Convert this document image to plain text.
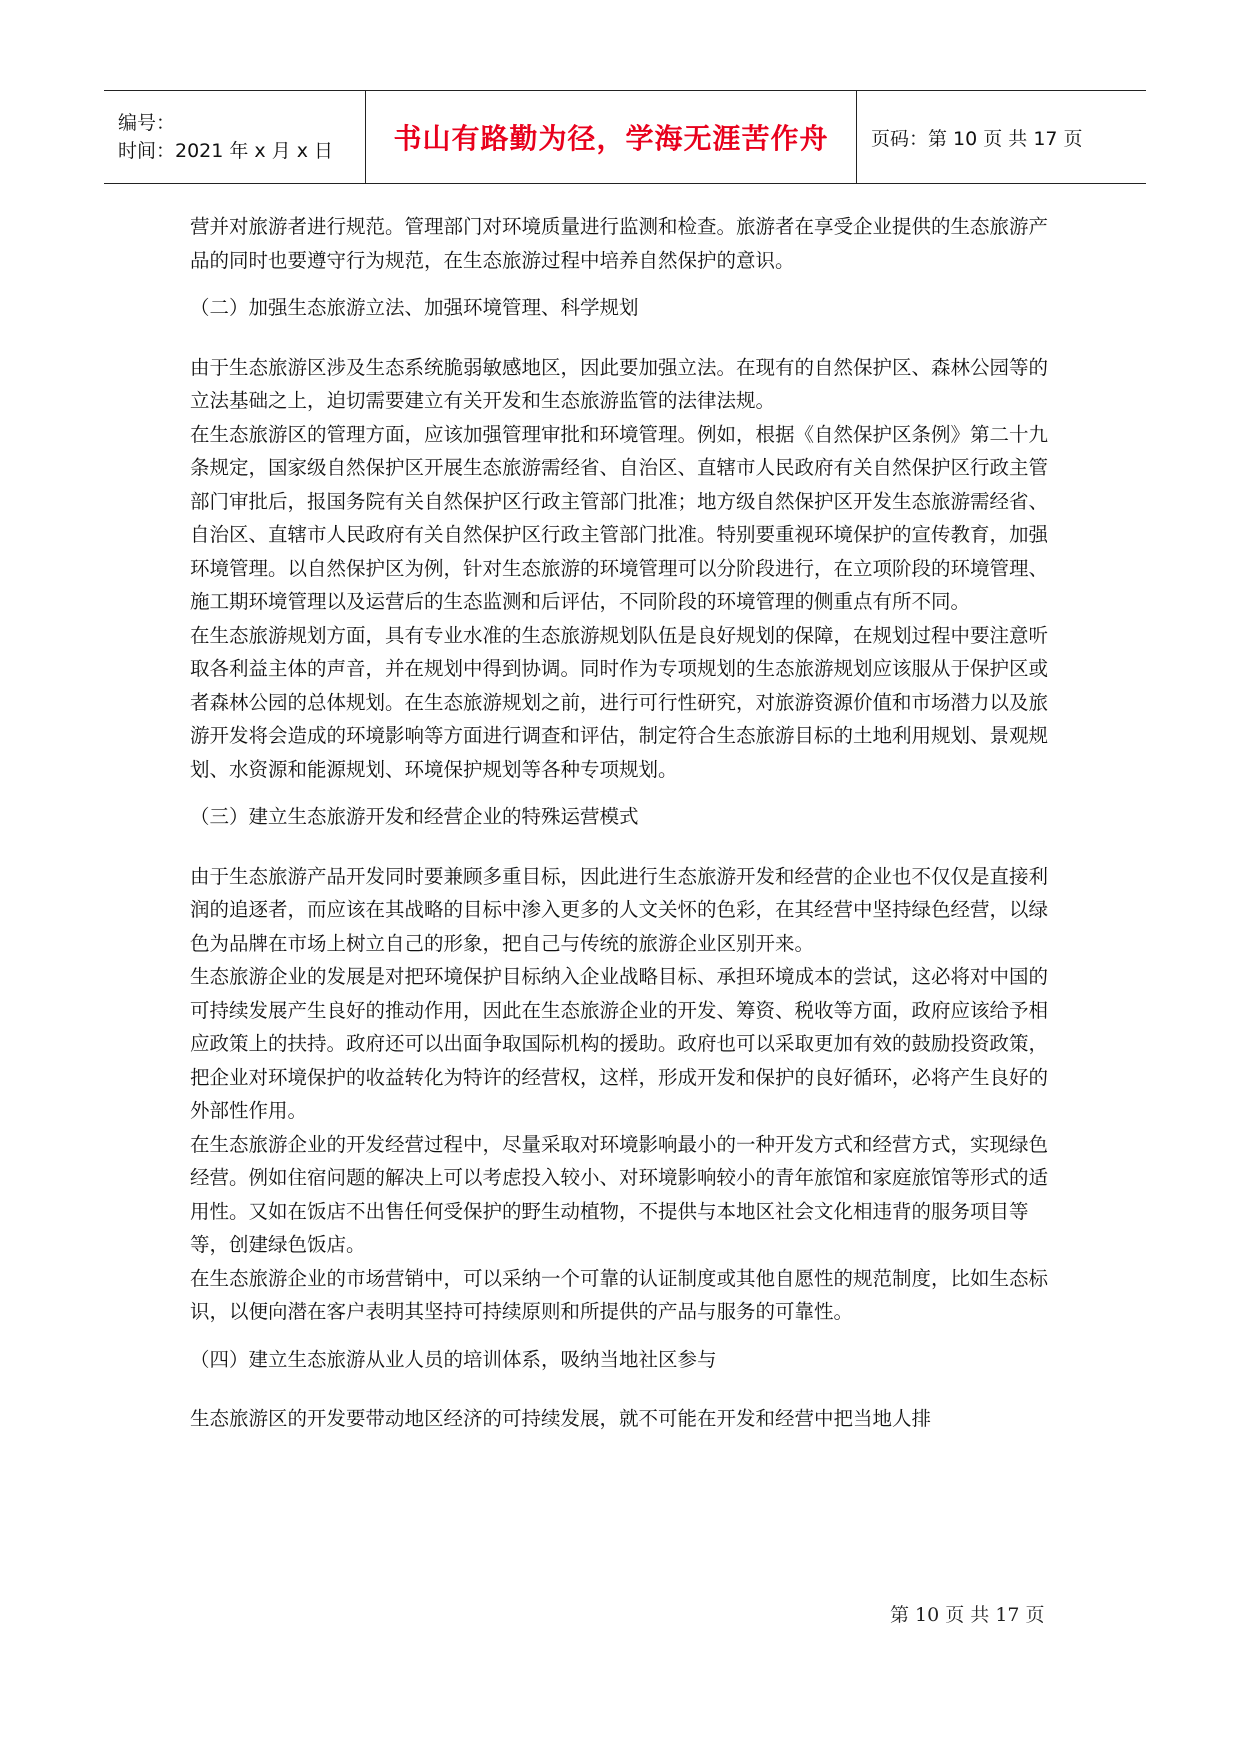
编号：
时间：2021 年 x 月 x 日	书山有路勤为径，学海无涯苦作舟 页码：第 10 页 共 17 页

营并对旅游者进行规范。管理部门对环境质量进行监测和检查。旅游者在享受企业提供的生态旅游产品的同时也要遵守行为规范，在生态旅游过程中培养自然保护的意识。

（二）加强生态旅游立法、加强环境管理、科学规划

由于生态旅游区涉及生态系统脆弱敏感地区，因此要加强立法。在现有的自然保护区、森林公园等的立法基础之上，迫切需要建立有关开发和生态旅游监管的法律法规。

在生态旅游区的管理方面，应该加强管理审批和环境管理。例如，根据《自然保护区条例》第二十九条规定，国家级自然保护区开展生态旅游需经省、自治区、直辖市人民政府有关自然保护区行政主管部门审批后，报国务院有关自然保护区行政主管部门批准；地方级自然保护区开发生态旅游需经省、自治区、直辖市人民政府有关自然保护区行政主管部门批准。特别要重视环境保护的宣传教育，加强环境管理。以自然保护区为例，针对生态旅游的环境管理可以分阶段进行，在立项阶段的环境管理、施工期环境管理以及运营后的生态监测和后评估，不同阶段的环境管理的侧重点有所不同。

在生态旅游规划方面，具有专业水准的生态旅游规划队伍是良好规划的保障，在规划过程中要注意听取各利益主体的声音，并在规划中得到协调。同时作为专项规划的生态旅游规划应该服从于保护区或者森林公园的总体规划。在生态旅游规划之前，进行可行性研究，对旅游资源价值和市场潜力以及旅游开发将会造成的环境影响等方面进行调查和评估，制定符合生态旅游目标的土地利用规划、景观规划、水资源和能源规划、环境保护规划等各种专项规划。

（三）建立生态旅游开发和经营企业的特殊运营模式

由于生态旅游产品开发同时要兼顾多重目标，因此进行生态旅游开发和经营的企业也不仅仅是直接利润的追逐者，而应该在其战略的目标中渗入更多的人文关怀的色彩，在其经营中坚持绿色经营，以绿色为品牌在市场上树立自己的形象，把自己与传统的旅游企业区别开来。

生态旅游企业的发展是对把环境保护目标纳入企业战略目标、承担环境成本的尝试，这必将对中国的可持续发展产生良好的推动作用，因此在生态旅游企业的开发、筹资、税收等方面，政府应该给予相应政策上的扶持。政府还可以出面争取国际机构的援助。政府也可以采取更加有效的鼓励投资政策，把企业对环境保护的收益转化为特许的经营权，这样，形成开发和保护的良好循环，必将产生良好的外部性作用。

在生态旅游企业的开发经营过程中，尽量采取对环境影响最小的一种开发方式和经营方式，实现绿色经营。例如住宿问题的解决上可以考虑投入较小、对环境影响较小的青年旅馆和家庭旅馆等形式的适用性。又如在饭店不出售任何受保护的野生动植物，不提供与本地区社会文化相违背的服务项目等等，创建绿色饭店。

在生态旅游企业的市场营销中，可以采纳一个可靠的认证制度或其他自愿性的规范制度，比如生态标识，以便向潜在客户表明其坚持可持续原则和所提供的产品与服务的可靠性。

（四）建立生态旅游从业人员的培训体系，吸纳当地社区参与

生态旅游区的开发要带动地区经济的可持续发展，就不可能在开发和经营中把当地人排

第 10 页 共 17 页
